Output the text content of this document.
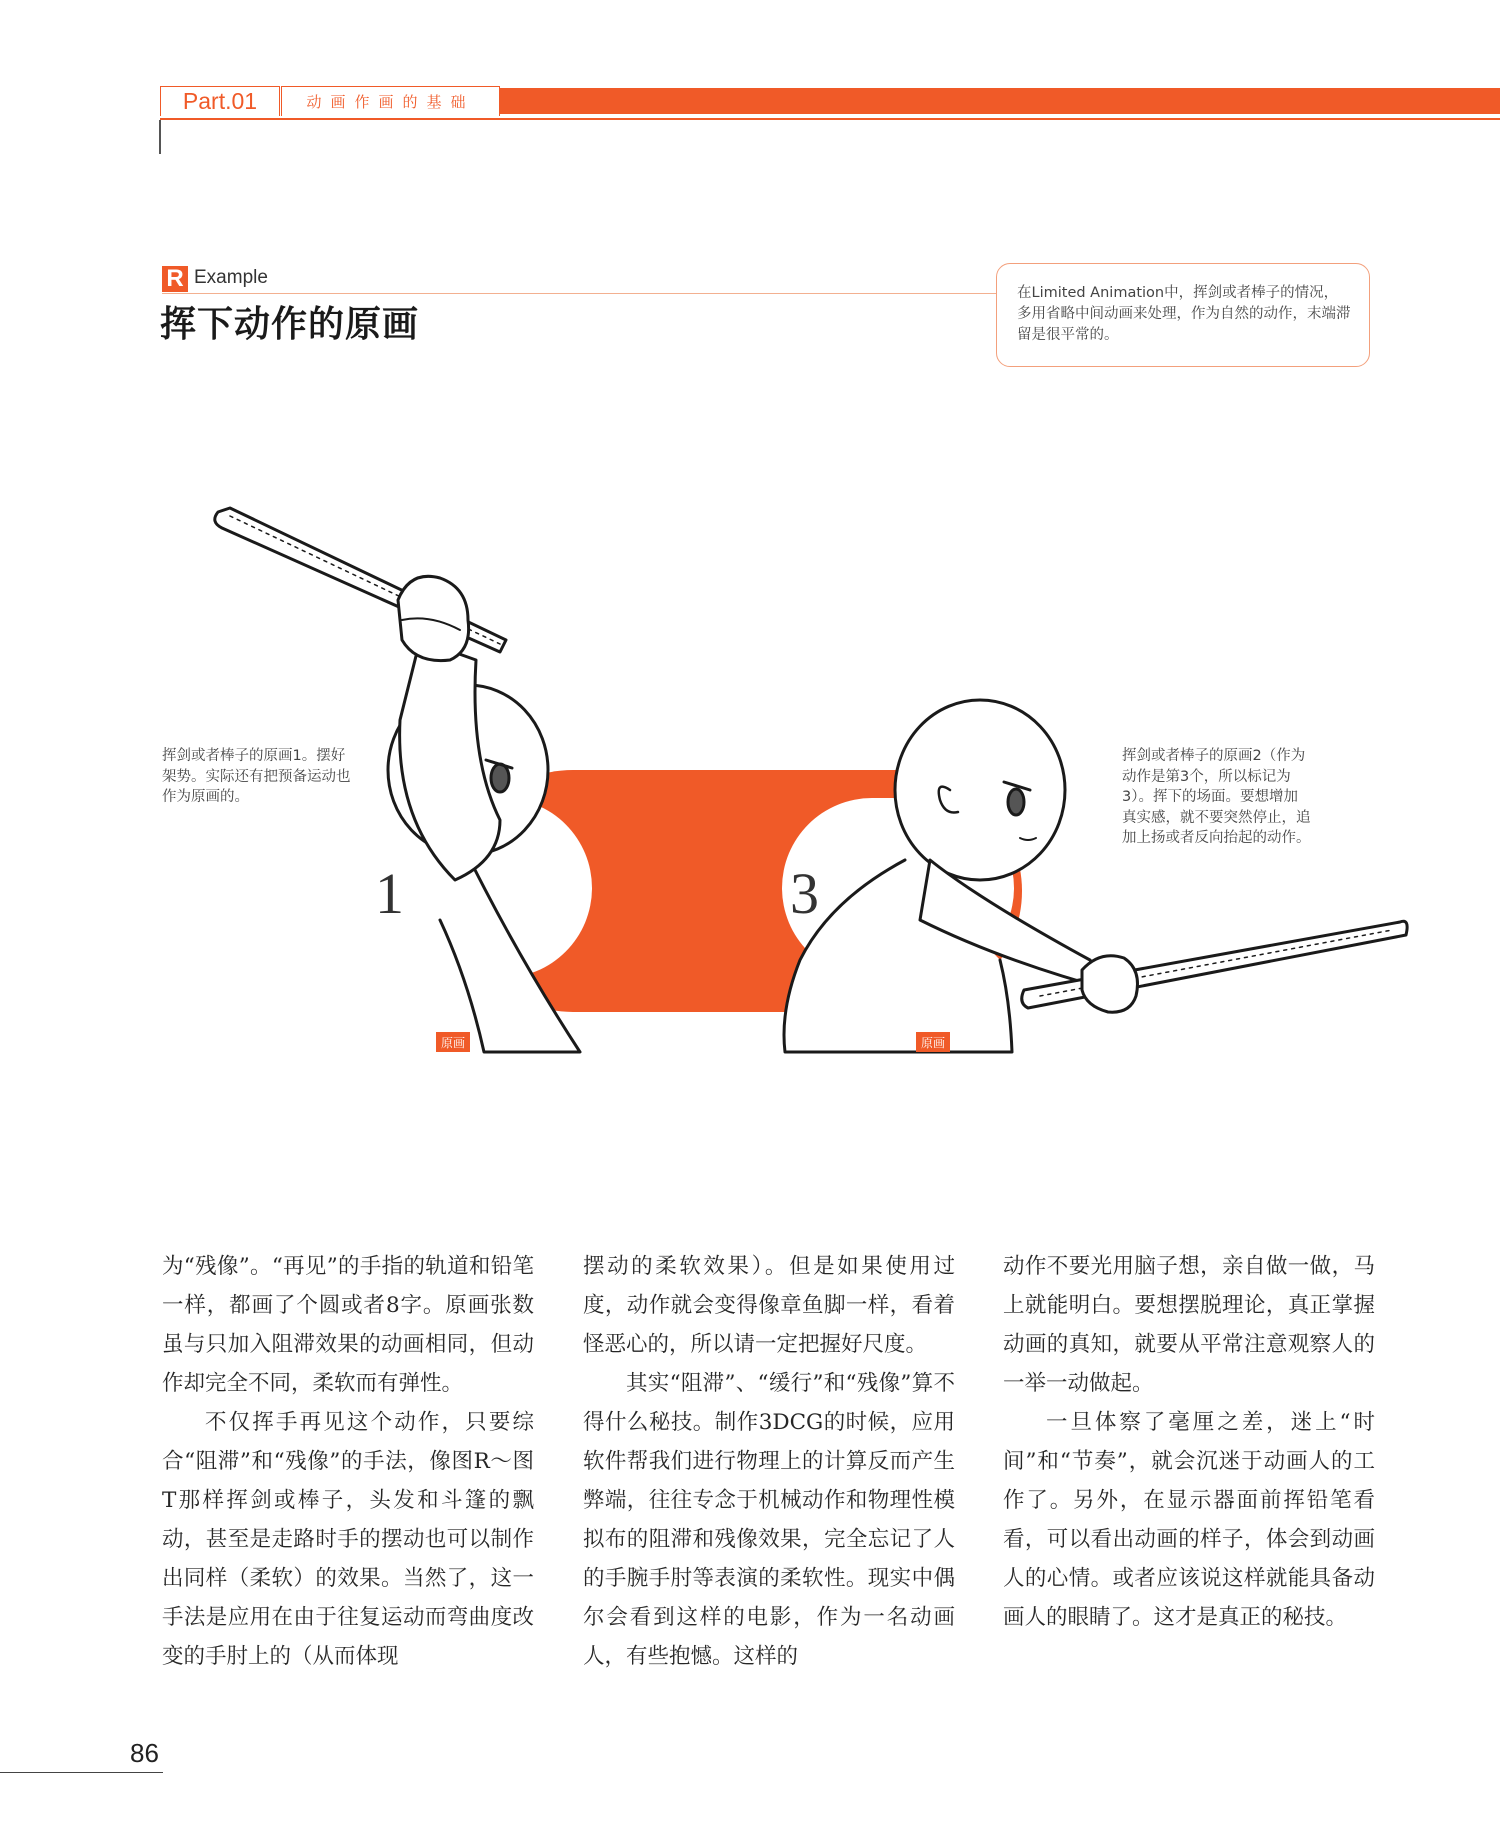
Part.01	动画作画的基础
R Example
挥下动作的原画
在Limited Animation中，挥剑或者棒子的情况，多用省略中间动画来处理，作为自然的动作，末端滞留是很平常的。
1	3
原画	原画
挥剑或者棒子的原画1。摆好架势。实际还有把预备运动也作为原画的。
挥剑或者棒子的原画2（作为动作是第3个，所以标记为3）。挥下的场面。要想增加真实感，就不要突然停止，追加上扬或者反向抬起的动作。

为“残像”。“再见”的手指的轨道和铅笔一样，都画了个圆或者8字。原画张数虽与只加入阻滞效果的动画相同，但动作却完全不同，柔软而有弹性。

不仅挥手再见这个动作，只要综合“阻滞”和“残像”的手法，像图R～图T那样挥剑或棒子，头发和斗篷的飘动，甚至是走路时手的摆动也可以制作出同样（柔软）的效果。当然了，这一手法是应用在由于往复运动而弯曲度改变的手肘上的（从而体现

摆动的柔软效果）。但是如果使用过度，动作就会变得像章鱼脚一样，看着怪恶心的，所以请一定把握好尺度。

其实“阻滞”、“缓行”和“残像”算不得什么秘技。制作3DCG的时候，应用软件帮我们进行物理上的计算反而产生弊端，往往专念于机械动作和物理性模拟布的阻滞和残像效果，完全忘记了人的手腕手肘等表演的柔软性。现实中偶尔会看到这样的电影，作为一名动画人，有些抱憾。这样的

动作不要光用脑子想，亲自做一做，马上就能明白。要想摆脱理论，真正掌握动画的真知，就要从平常注意观察人的一举一动做起。

一旦体察了毫厘之差，迷上“时间”和“节奏”，就会沉迷于动画人的工作了。另外，在显示器面前挥铅笔看看，可以看出动画的样子，体会到动画人的心情。或者应该说这样就能具备动画人的眼睛了。这才是真正的秘技。

86
